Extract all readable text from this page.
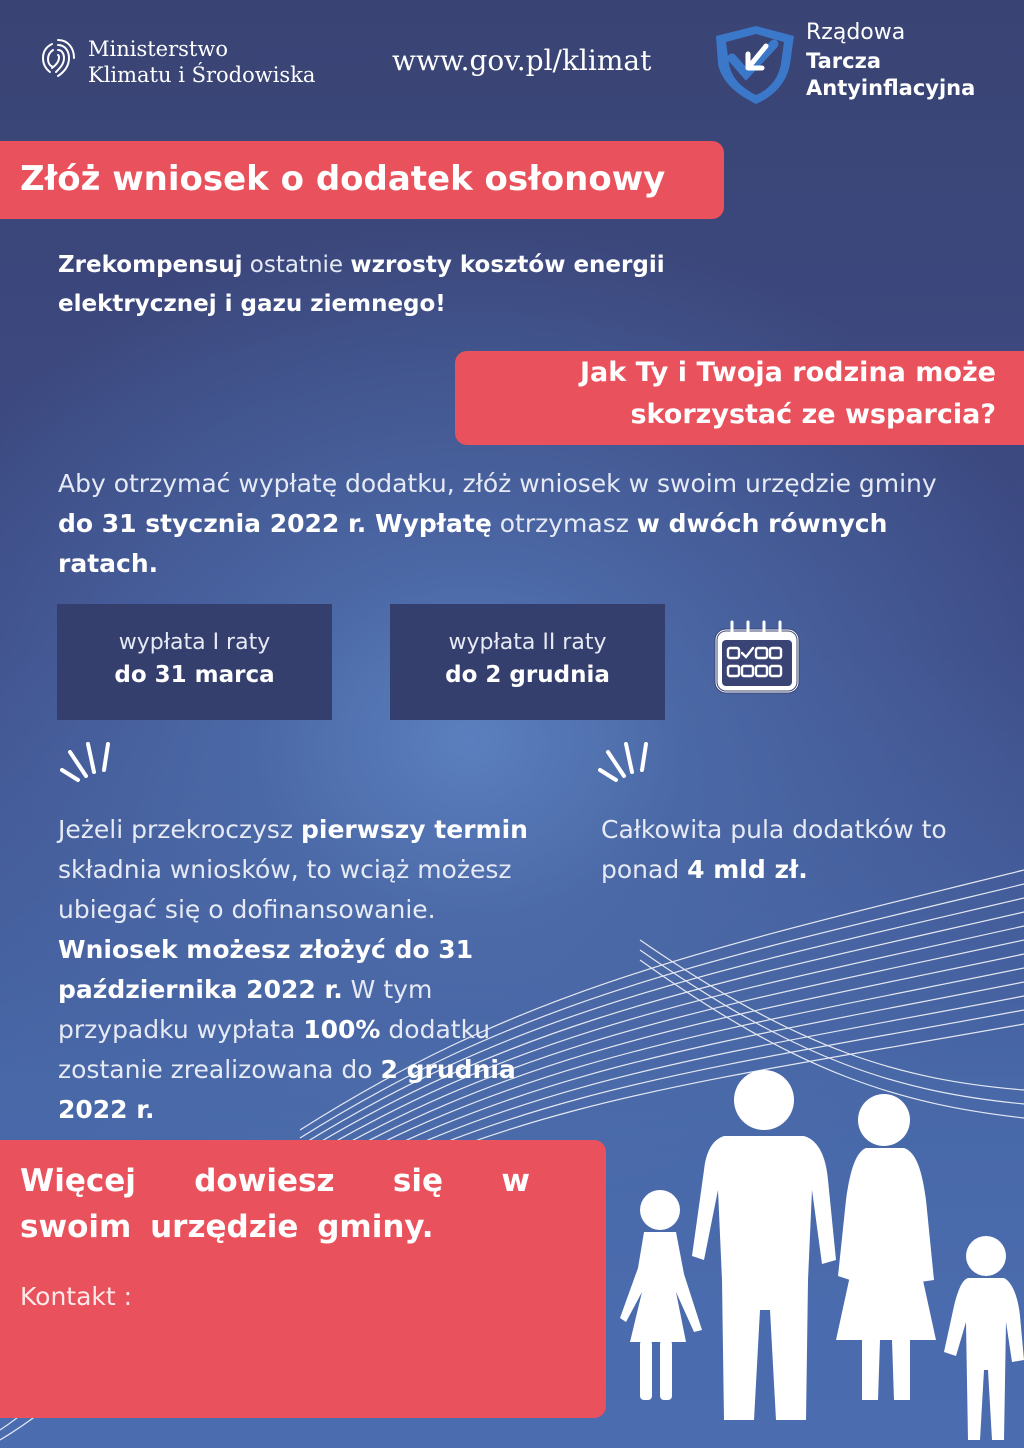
Ministerstwo
Klimatu i Środowiska	www.gov.pl/klimat
Rządowa
Tarcza
Antyinflacyjna
Złóż wniosek o dodatek osłonowy
Zrekompensuj ostatnie wzrosty kosztów energii elektrycznej i gazu ziemnego!
Jak Ty i Twoja rodzina może
skorzystać ze wsparcia?
Aby otrzymać wypłatę dodatku, złóż wniosek w swoim urzędzie gminy
do 31 stycznia 2022 r. Wypłatę otrzymasz w dwóch równych ratach.
wypłata I raty
do 31 marca
wypłata II raty
do 2 grudnia
Jeżeli przekroczysz pierwszy termin składnia wniosków, to wciąż możesz ubiegać się o dofinansowanie. Wniosek możesz złożyć do 31 października 2022 r. W tym przypadku wypłata 100% dodatku zostanie zrealizowana do 2 grudnia 2022 r.
Całkowita pula dodatków to ponad 4 mld zł.
Więcej dowiesz się w swoim urzędzie gminy.
Kontakt :
